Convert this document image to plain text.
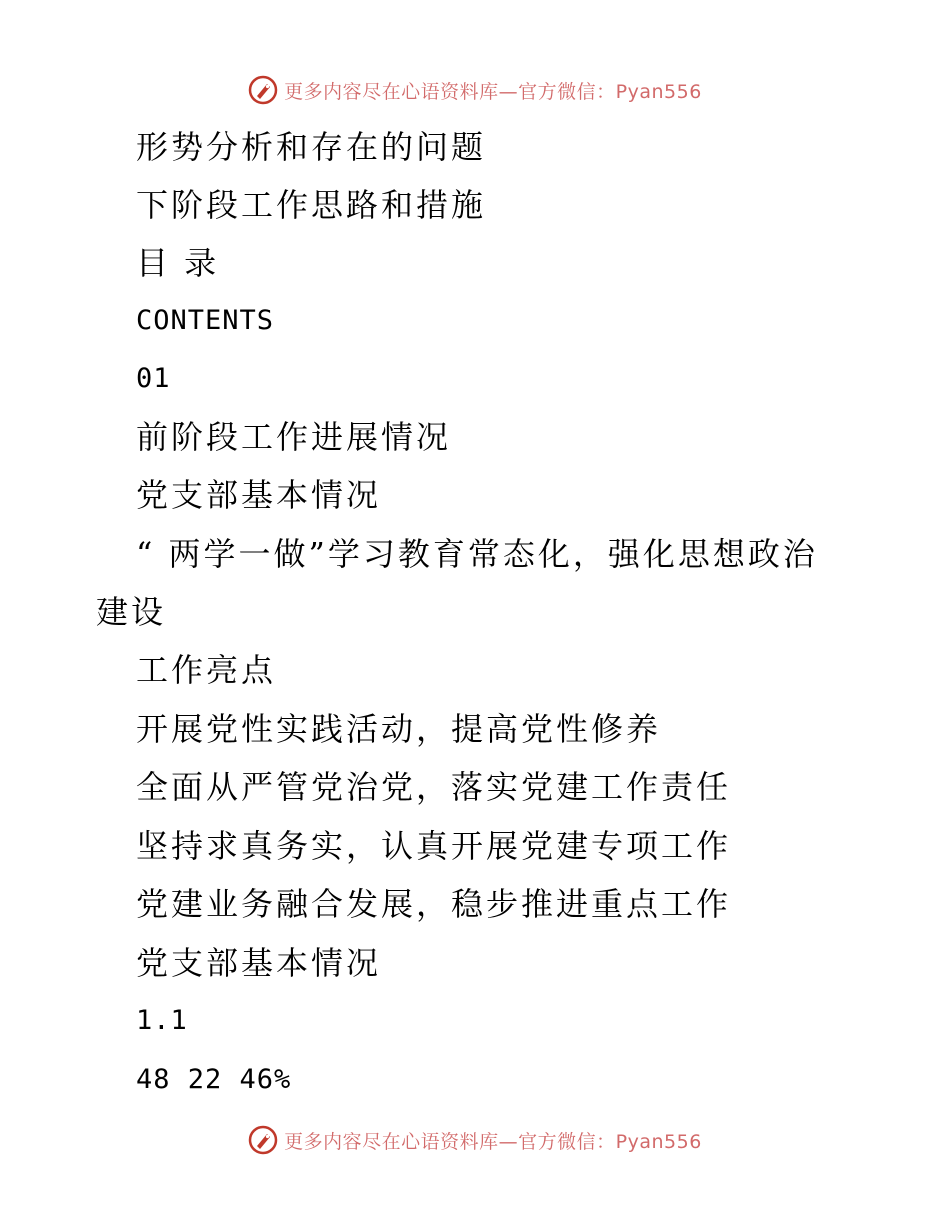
更多内容尽在心语资料库—官方微信：Pyan556
形势分析和存在的问题
下阶段工作思路和措施
目 录
CONTENTS
01
前阶段工作进展情况
党支部基本情况
“ 两学一做”学习教育常态化，强化思想政治
建设
工作亮点
开展党性实践活动，提高党性修养
全面从严管党治党，落实党建工作责任
坚持求真务实，认真开展党建专项工作
党建业务融合发展，稳步推进重点工作
党支部基本情况
1.1
48 22 46%
更多内容尽在心语资料库—官方微信：Pyan556
